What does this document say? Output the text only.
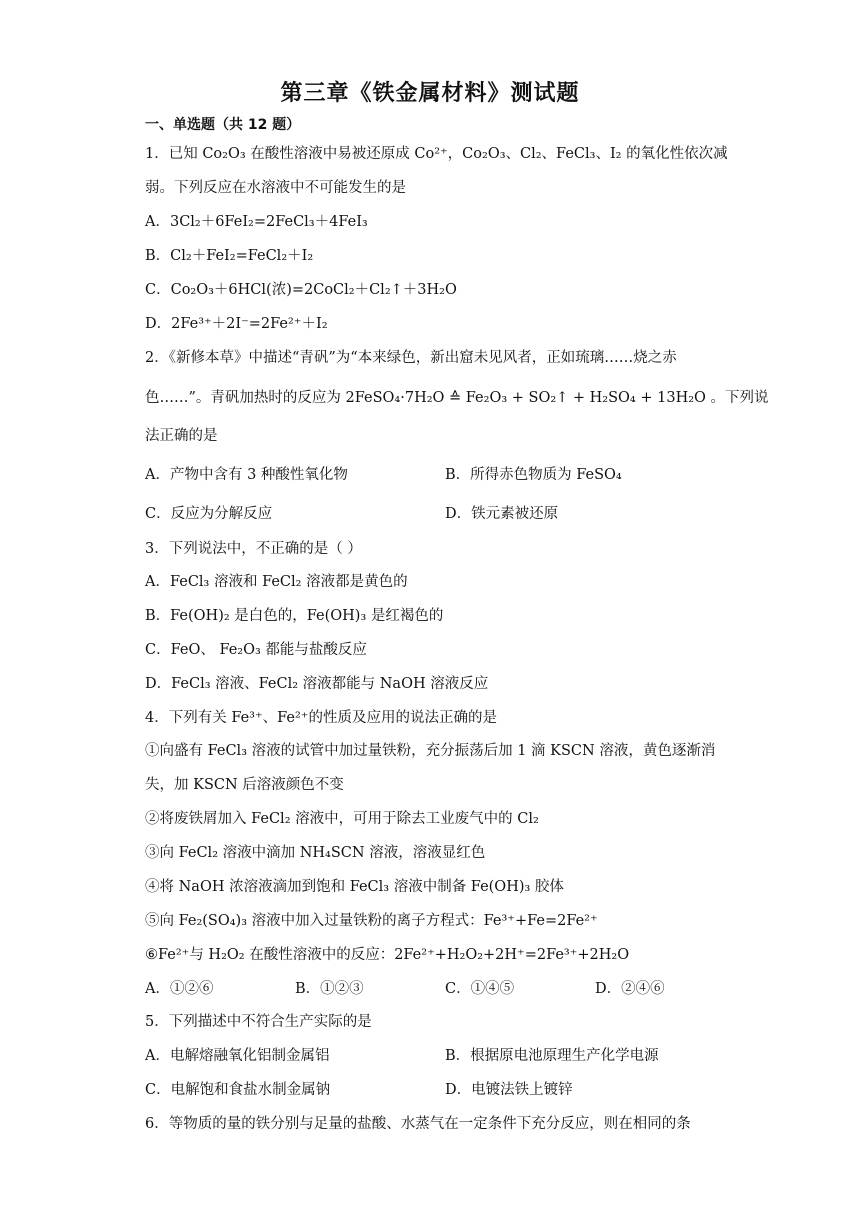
第三章《铁金属材料》测试题
一、单选题（共 12 题）
1．已知 Co₂O₃ 在酸性溶液中易被还原成 Co²⁺，Co₂O₃、Cl₂、FeCl₃、I₂ 的氧化性依次减
弱。下列反应在水溶液中不可能发生的是
A．3Cl₂＋6FeI₂=2FeCl₃＋4FeI₃
B．Cl₂＋FeI₂=FeCl₂＋I₂
C．Co₂O₃＋6HCl(浓)=2CoCl₂＋Cl₂↑＋3H₂O
D．2Fe³⁺＋2I⁻=2Fe²⁺＋I₂
2．《新修本草》中描述“青矾”为“本来绿色，新出窟未见风者，正如琉璃……烧之赤
色……”。青矾加热时的反应为 2FeSO₄·7H₂O ≙ Fe₂O₃ + SO₂↑ + H₂SO₄ + 13H₂O 。下列说
法正确的是
A．产物中含有 3 种酸性氧化物	B．所得赤色物质为 FeSO₄
C．反应为分解反应	D．铁元素被还原
3．下列说法中，不正确的是（ ）
A．FeCl₃ 溶液和 FeCl₂ 溶液都是黄色的
B．Fe(OH)₂ 是白色的，Fe(OH)₃ 是红褐色的
C．FeO、 Fe₂O₃ 都能与盐酸反应
D．FeCl₃ 溶液、FeCl₂ 溶液都能与 NaOH 溶液反应
4．下列有关 Fe³⁺、Fe²⁺的性质及应用的说法正确的是
①向盛有 FeCl₃ 溶液的试管中加过量铁粉，充分振荡后加 1 滴 KSCN 溶液，黄色逐渐消
失，加 KSCN 后溶液颜色不变
②将废铁屑加入 FeCl₂ 溶液中，可用于除去工业废气中的 Cl₂
③向 FeCl₂ 溶液中滴加 NH₄SCN 溶液，溶液显红色
④将 NaOH 浓溶液滴加到饱和 FeCl₃ 溶液中制备 Fe(OH)₃ 胶体
⑤向 Fe₂(SO₄)₃ 溶液中加入过量铁粉的离子方程式：Fe³⁺+Fe=2Fe²⁺
⑥Fe²⁺与 H₂O₂ 在酸性溶液中的反应：2Fe²⁺+H₂O₂+2H⁺=2Fe³⁺+2H₂O
A．①②⑥	B．①②③	C．①④⑤	D．②④⑥
5．下列描述中不符合生产实际的是
A．电解熔融氧化铝制金属铝	B．根据原电池原理生产化学电源
C．电解饱和食盐水制金属钠	D．电镀法铁上镀锌
6．等物质的量的铁分别与足量的盐酸、水蒸气在一定条件下充分反应，则在相同的条
